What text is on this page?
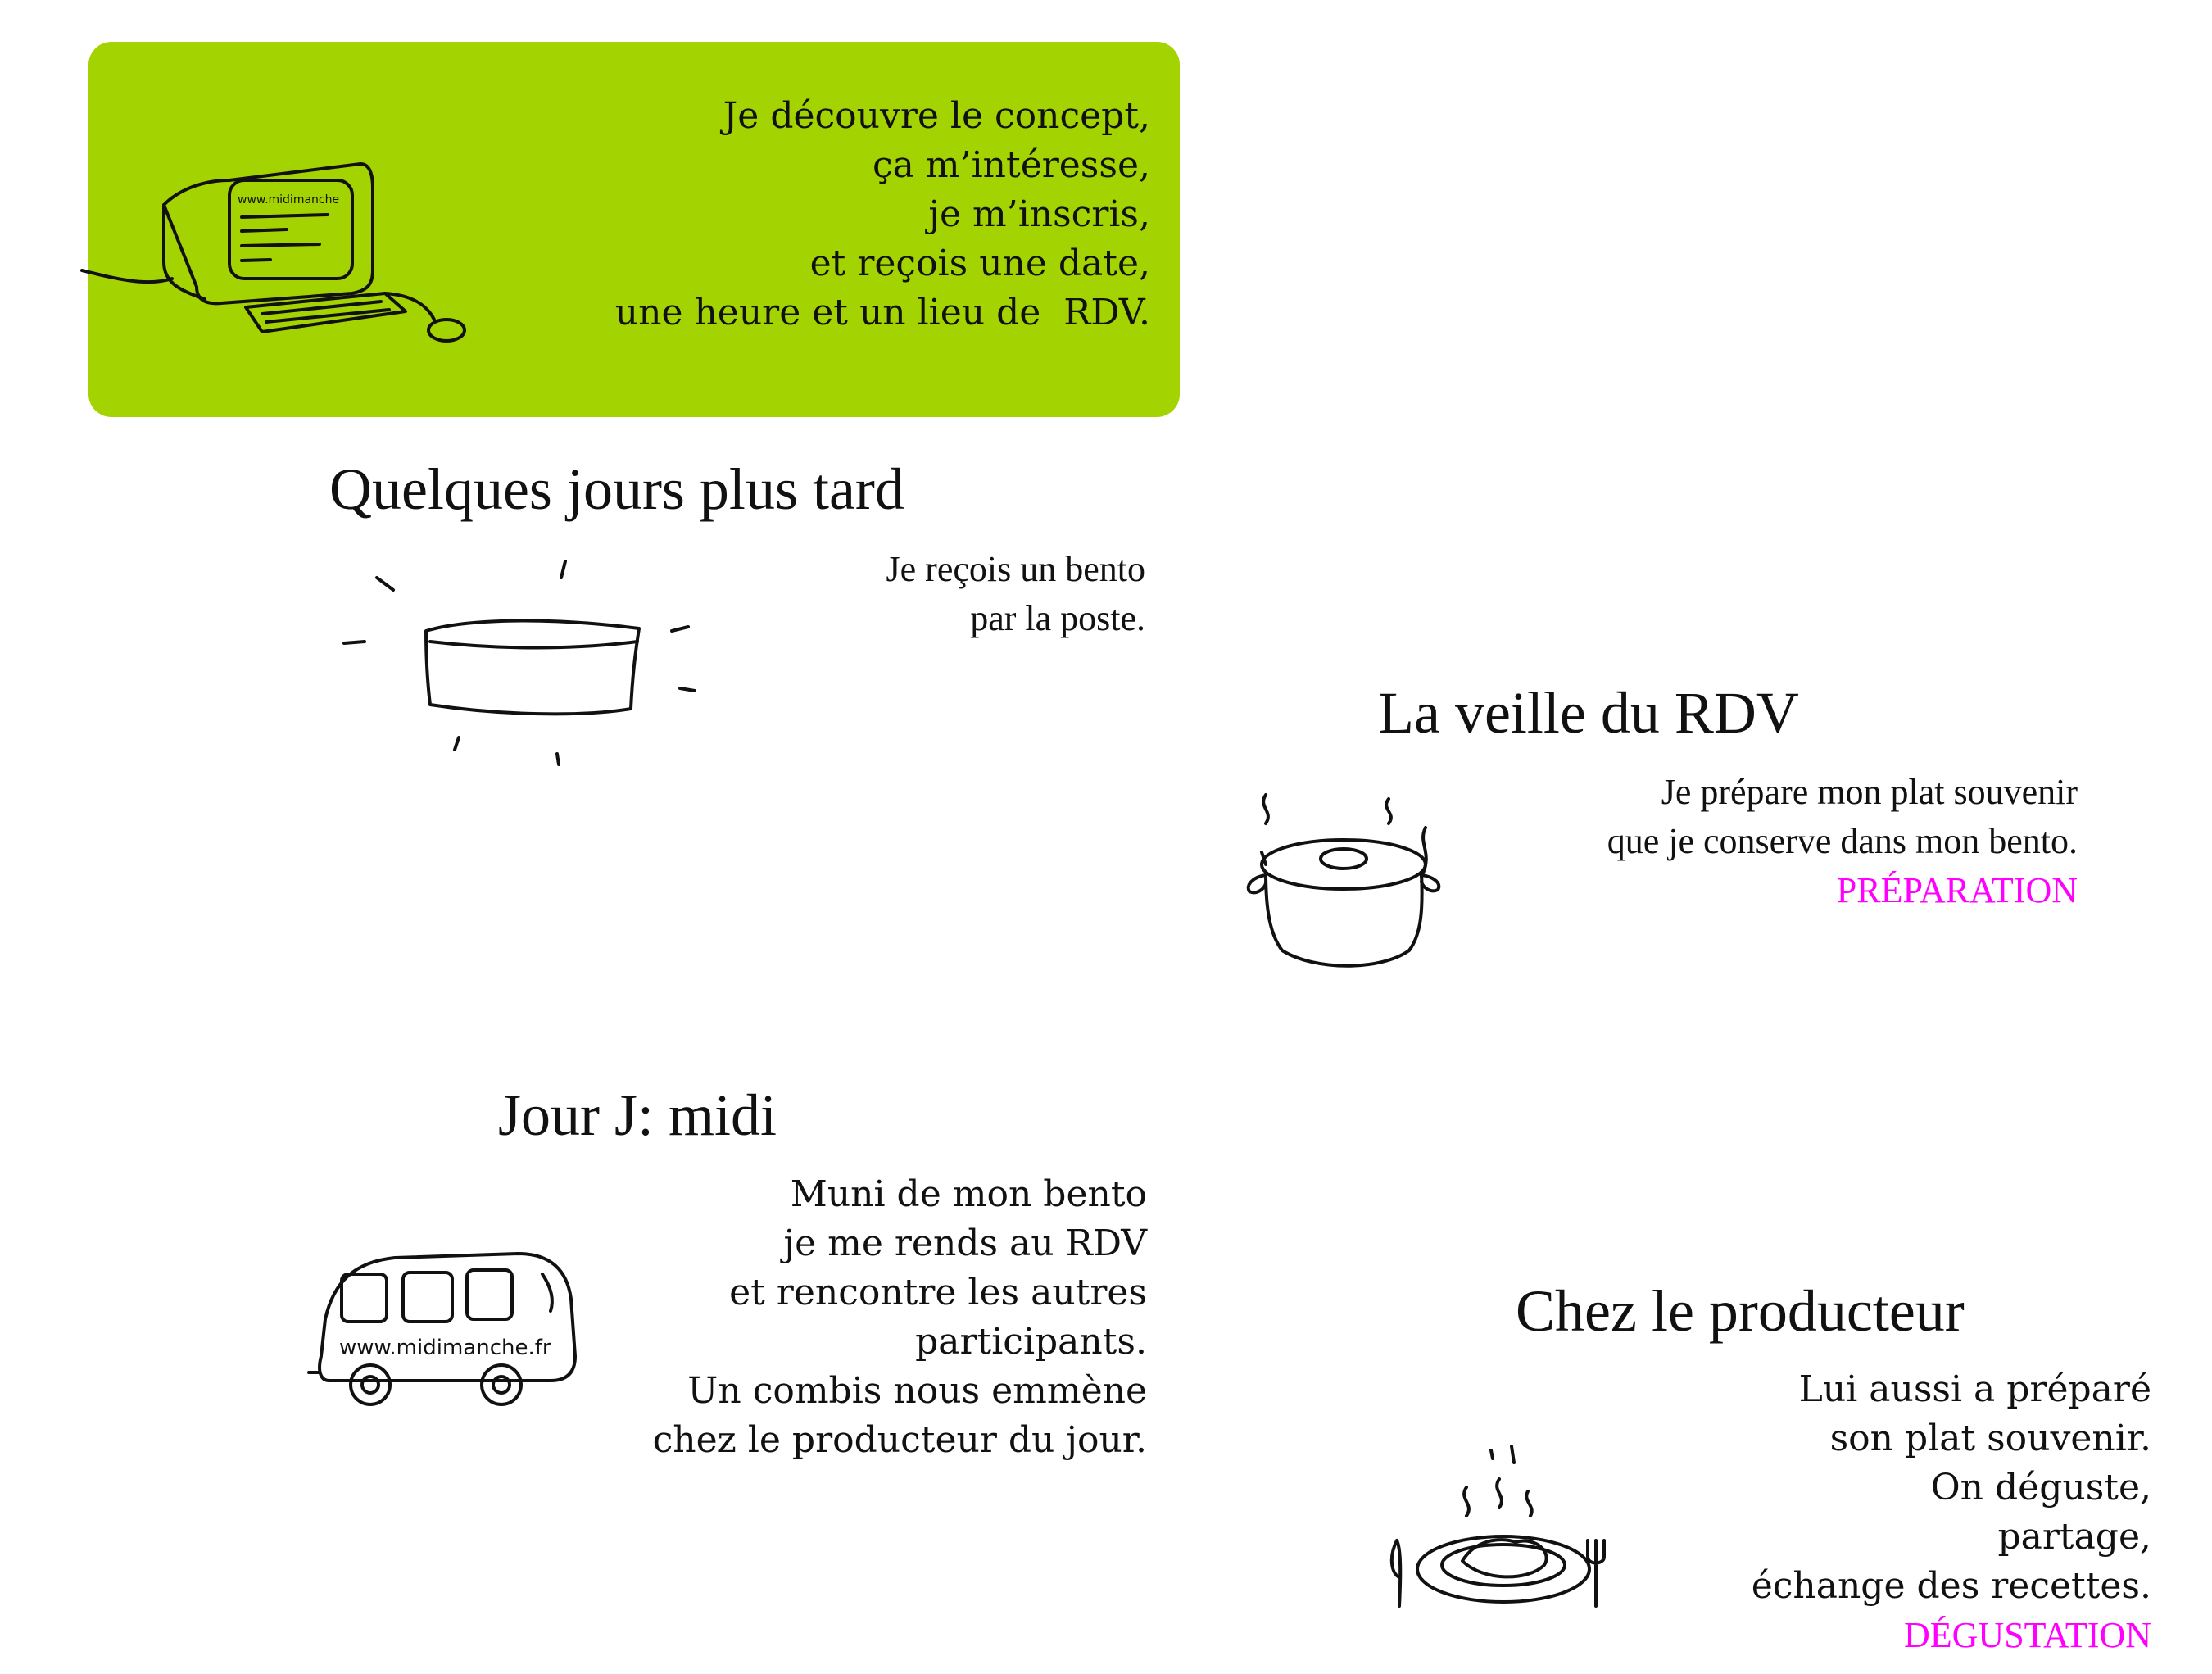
Je découvre le concept,
ça m’intéresse,
je m’inscris,
et reçois une date,
une heure et un lieu de  RDV.
www.midimanche
Quelques jours plus tard
Je reçois un bento
par la poste.
La veille du RDV
Je prépare mon plat souvenir
que je conserve dans mon bento.
PRÉPARATION
Jour J: midi
Muni de mon bento
je me rends au RDV
et rencontre les autres
participants.
Un combis nous emmène
chez le producteur du jour.
www.midimanche.fr
Chez le producteur
Lui aussi a préparé
son plat souvenir.
On déguste,
partage,
échange des recettes.
DÉGUSTATION
